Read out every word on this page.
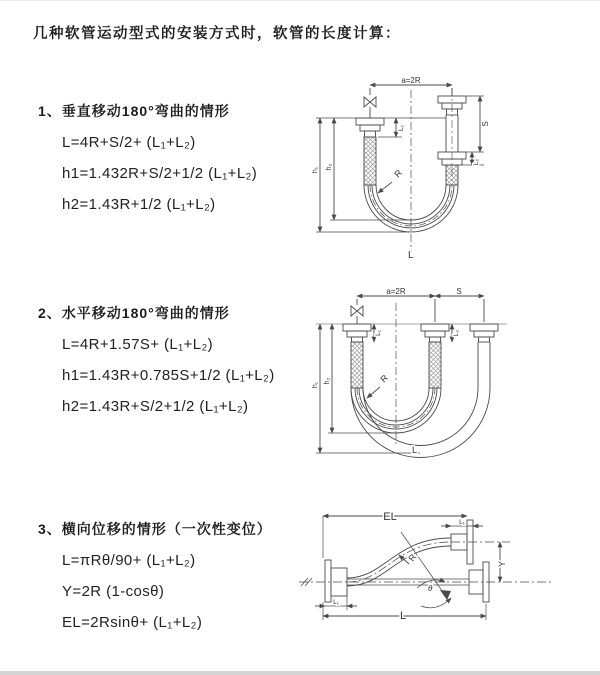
几种软管运动型式的安装方式时，软管的长度计算：
1、垂直移动180°弯曲的情形
L=4R+S/2+ (L₁+L₂)
h1=1.432R+S/2+1/2 (L₁+L₂)
h2=1.43R+1/2 (L₁+L₂)
2、水平移动180°弯曲的情形
L=4R+1.57S+ (L₁+L₂)
h1=1.43R+0.785S+1/2 (L₁+L₂)
h2=1.43R+S/2+1/2 (L₁+L₂)
3、横向位移的情形（一次性变位）
L=πRθ/90+ (L₁+L₂)
Y=2R (1-cosθ)
EL=2Rsinθ+ (L₁+L₂)
a=2R
h₁ h₂
L₁
S
L₂
R
L
a=2R	S
h₁
h₂
L₁	L₂
R
L
EL	L₁
Y
θ
R
L
L₁
